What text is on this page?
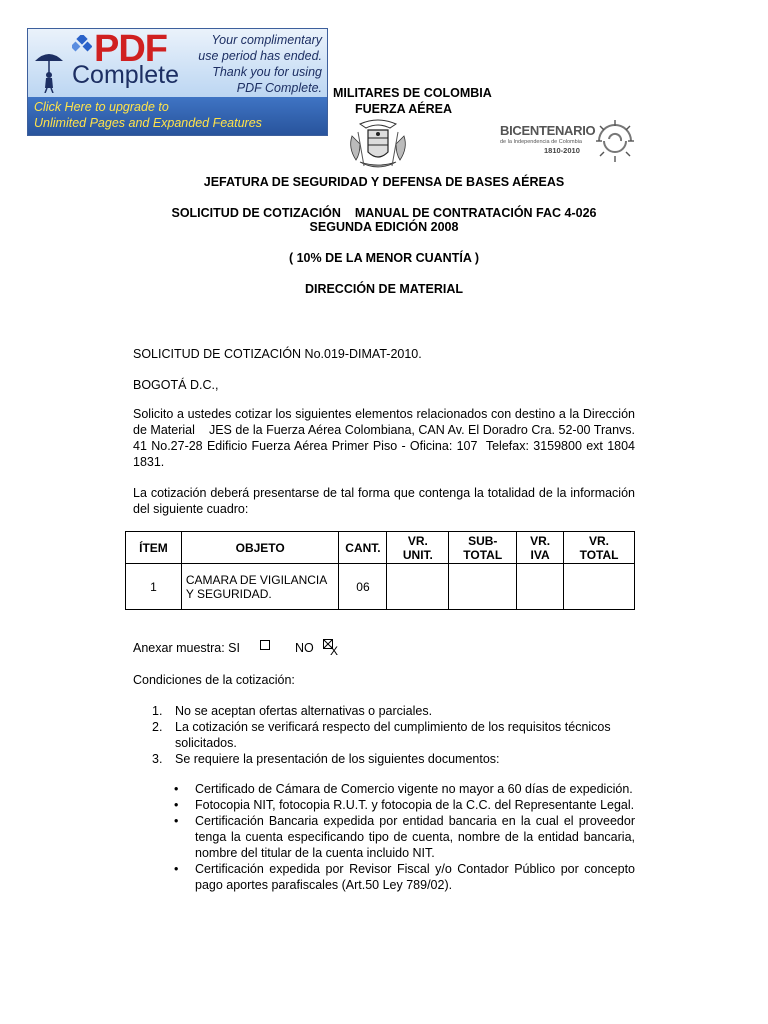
PDF
Complete
Your complimentary
use period has ended.
Thank you for using
PDF Complete.
Click Here to upgrade to
Unlimited Pages and Expanded Features
MILITARES DE COLOMBIA
FUERZA AÉREA
BICENTENARIO
de la Independencia de Colombia
1810-2010
JEFATURA DE SEGURIDAD Y DEFENSA DE BASES AÉREAS
SOLICITUD DE COTIZACIÓN    MANUAL DE CONTRATACIÓN FAC 4-026
SEGUNDA EDICIÓN 2008
( 10% DE LA MENOR CUANTÍA )
DIRECCIÓN DE MATERIAL
SOLICITUD DE COTIZACIÓN No.019-DIMAT-2010.
BOGOTÁ D.C.,
Solicito a ustedes cotizar los siguientes elementos relacionados con destino a la Dirección de Material    JES de la Fuerza Aérea Colombiana, CAN Av. El Doradro Cra. 52-00 Tranvs. 41 No.27-28 Edificio Fuerza Aérea Primer Piso - Oficina: 107  Telefax: 3159800 ext 1804    1831.
La cotización deberá presentarse de tal forma que contenga la totalidad de la información del siguiente cuadro:
ÍTEM	OBJETO	CANT.	VR. UNIT.	SUB-TOTAL	VR. IVA	VR. TOTAL
1	CAMARA DE VIGILANCIA Y SEGURIDAD.	06				
Anexar muestra: SI	NO X
Condiciones de la cotización:
1. No se aceptan ofertas alternativas o parciales.
2. La cotización se verificará respecto del cumplimiento de los requisitos técnicos solicitados.
3. Se requiere la presentación de los siguientes documentos:
• Certificado de Cámara de Comercio vigente no mayor a 60 días de expedición.
• Fotocopia NIT, fotocopia R.U.T. y fotocopia de la C.C. del Representante Legal.
• Certificación Bancaria expedida por entidad bancaria en la cual el proveedor tenga la cuenta especificando tipo de cuenta, nombre de la entidad bancaria, nombre del titular de la cuenta incluido NIT.
• Certificación expedida por Revisor Fiscal y/o Contador Público por concepto pago aportes parafiscales (Art.50 Ley 789/02).
